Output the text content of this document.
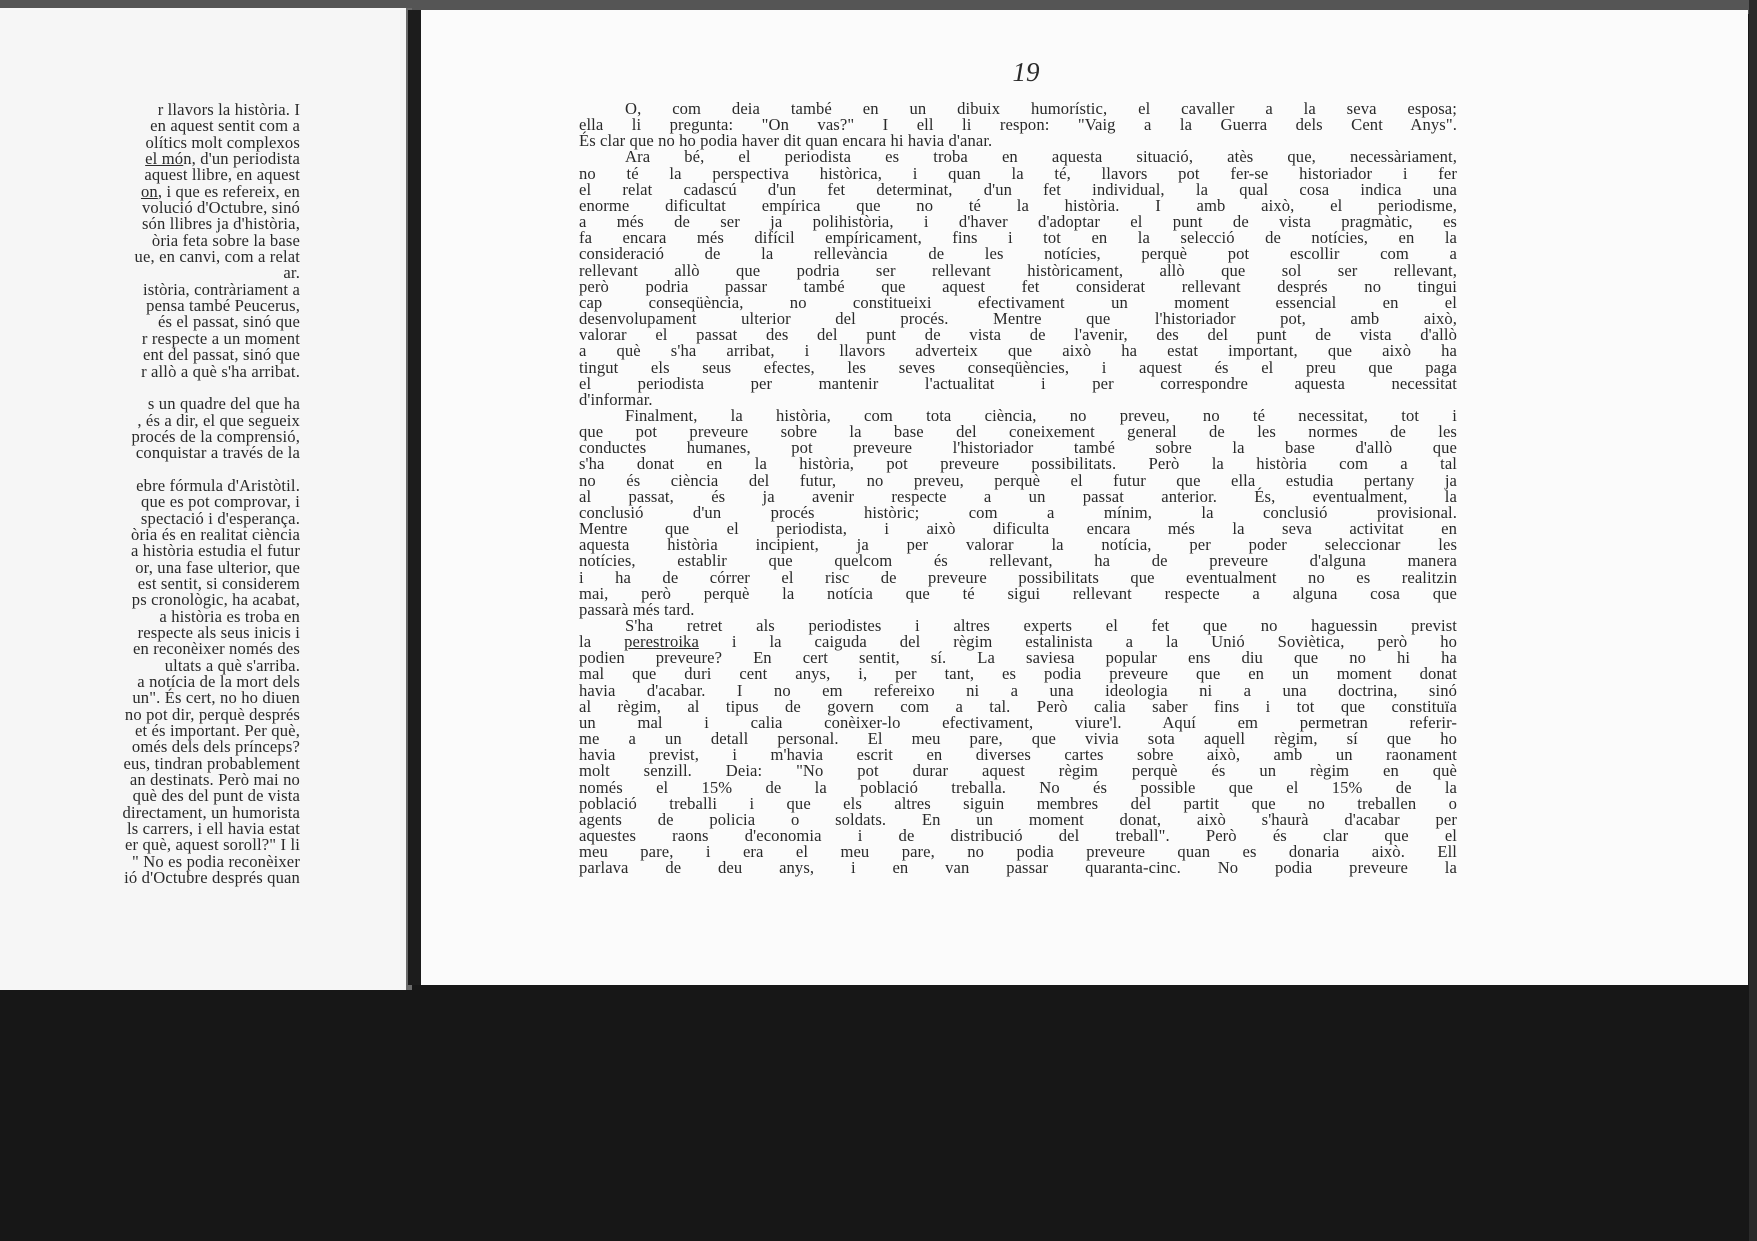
r llavors la història. I
en aquest sentit com a
olítics molt complexos
el món, d'un periodista
aquest llibre, en aquest
on, i que es refereix, en
volució d'Octubre, sinó
són llibres ja d'història,
òria feta sobre la base
ue, en canvi, com a relat
ar.
istòria, contràriament a
pensa també Peucerus,
és el passat, sinó que
r respecte a un moment
ent del passat, sinó que
r allò a què s'ha arribat.

s un quadre del que ha
, és a dir, el que segueix
procés de la comprensió,
conquistar a través de la

ebre fórmula d'Aristòtil.
que es pot comprovar, i
spectació i d'esperança.
òria és en realitat ciència
a història estudia el futur
or, una fase ulterior, que
est sentit, si considerem
ps cronològic, ha acabat,
a història es troba en
respecte als seus inicis i
en reconèixer només des
ultats a què s'arriba.
a notícia de la mort dels
un". És cert, no ho diuen
no pot dir, perquè després
et és important. Per què,
omés dels dels prínceps?
eus, tindran probablement
an destinats. Però mai no
què des del punt de vista
directament, un humorista
ls carrers, i ell havia estat
er què, aquest soroll?" I li
" No es podia reconèixer
ió d'Octubre després quan
19
O, com deia també en un dibuix humorístic, el cavaller a la seva esposa;
ella li pregunta: "On vas?" I ell li respon: "Vaig a la Guerra dels Cent Anys".
És clar que no ho podia haver dit quan encara hi havia d'anar.
Ara bé, el periodista es troba en aquesta situació, atès que, necessàriament,
no té la perspectiva històrica, i quan la té, llavors pot fer-se historiador i fer
el relat cadascú d'un fet determinat, d'un fet individual, la qual cosa indica una
enorme dificultat empírica que no té la història. I amb això, el periodisme,
a més de ser ja polihistòria, i d'haver d'adoptar el punt de vista pragmàtic, es
fa encara més difícil empíricament, fins i tot en la selecció de notícies, en la
consideració de la rellevància de les notícies, perquè pot escollir com a
rellevant allò que podria ser rellevant històricament, allò que sol ser rellevant,
però podria passar també que aquest fet considerat rellevant després no tingui
cap conseqüència, no constitueixi efectivament un moment essencial en el
desenvolupament ulterior del procés. Mentre que l'historiador pot, amb això,
valorar el passat des del punt de vista de l'avenir, des del punt de vista d'allò
a què s'ha arribat, i llavors adverteix que això ha estat important, que això ha
tingut els seus efectes, les seves conseqüències, i aquest és el preu que paga
el periodista per mantenir l'actualitat i per correspondre aquesta necessitat
d'informar.
Finalment, la història, com tota ciència, no preveu, no té necessitat, tot i
que pot preveure sobre la base del coneixement general de les normes de les
conductes humanes, pot preveure l'historiador també sobre la base d'allò que
s'ha donat en la història, pot preveure possibilitats. Però la història com a tal
no és ciència del futur, no preveu, perquè el futur que ella estudia pertany ja
al passat, és ja avenir respecte a un passat anterior. És, eventualment, la
conclusió d'un procés històric; com a mínim, la conclusió provisional.
Mentre que el periodista, i això dificulta encara més la seva activitat en
aquesta història incipient, ja per valorar la notícia, per poder seleccionar les
notícies, establir que quelcom és rellevant, ha de preveure d'alguna manera
i ha de córrer el risc de preveure possibilitats que eventualment no es realitzin
mai, però perquè la notícia que té sigui rellevant respecte a alguna cosa que
passarà més tard.
S'ha retret als periodistes i altres experts el fet que no haguessin previst
la perestroika i la caiguda del règim estalinista a la Unió Soviètica, però ho
podien preveure? En cert sentit, sí. La saviesa popular ens diu que no hi ha
mal que duri cent anys, i, per tant, es podia preveure que en un moment donat
havia d'acabar. I no em refereixo ni a una ideologia ni a una doctrina, sinó
al règim, al tipus de govern com a tal. Però calia saber fins i tot que constituïa
un mal i calia conèixer-lo efectivament, viure'l. Aquí em permetran referir-
me a un detall personal. El meu pare, que vivia sota aquell règim, sí que ho
havia previst, i m'havia escrit en diverses cartes sobre això, amb un raonament
molt senzill. Deia: "No pot durar aquest règim perquè és un règim en què
només el 15% de la població treballa. No és possible que el 15% de la
població treballi i que els altres siguin membres del partit que no treballen o
agents de policia o soldats. En un moment donat, això s'haurà d'acabar per
aquestes raons d'economia i de distribució del treball". Però és clar que el
meu pare, i era el meu pare, no podia preveure quan es donaria això. Ell
parlava de deu anys, i en van passar quaranta-cinc. No podia preveure la
